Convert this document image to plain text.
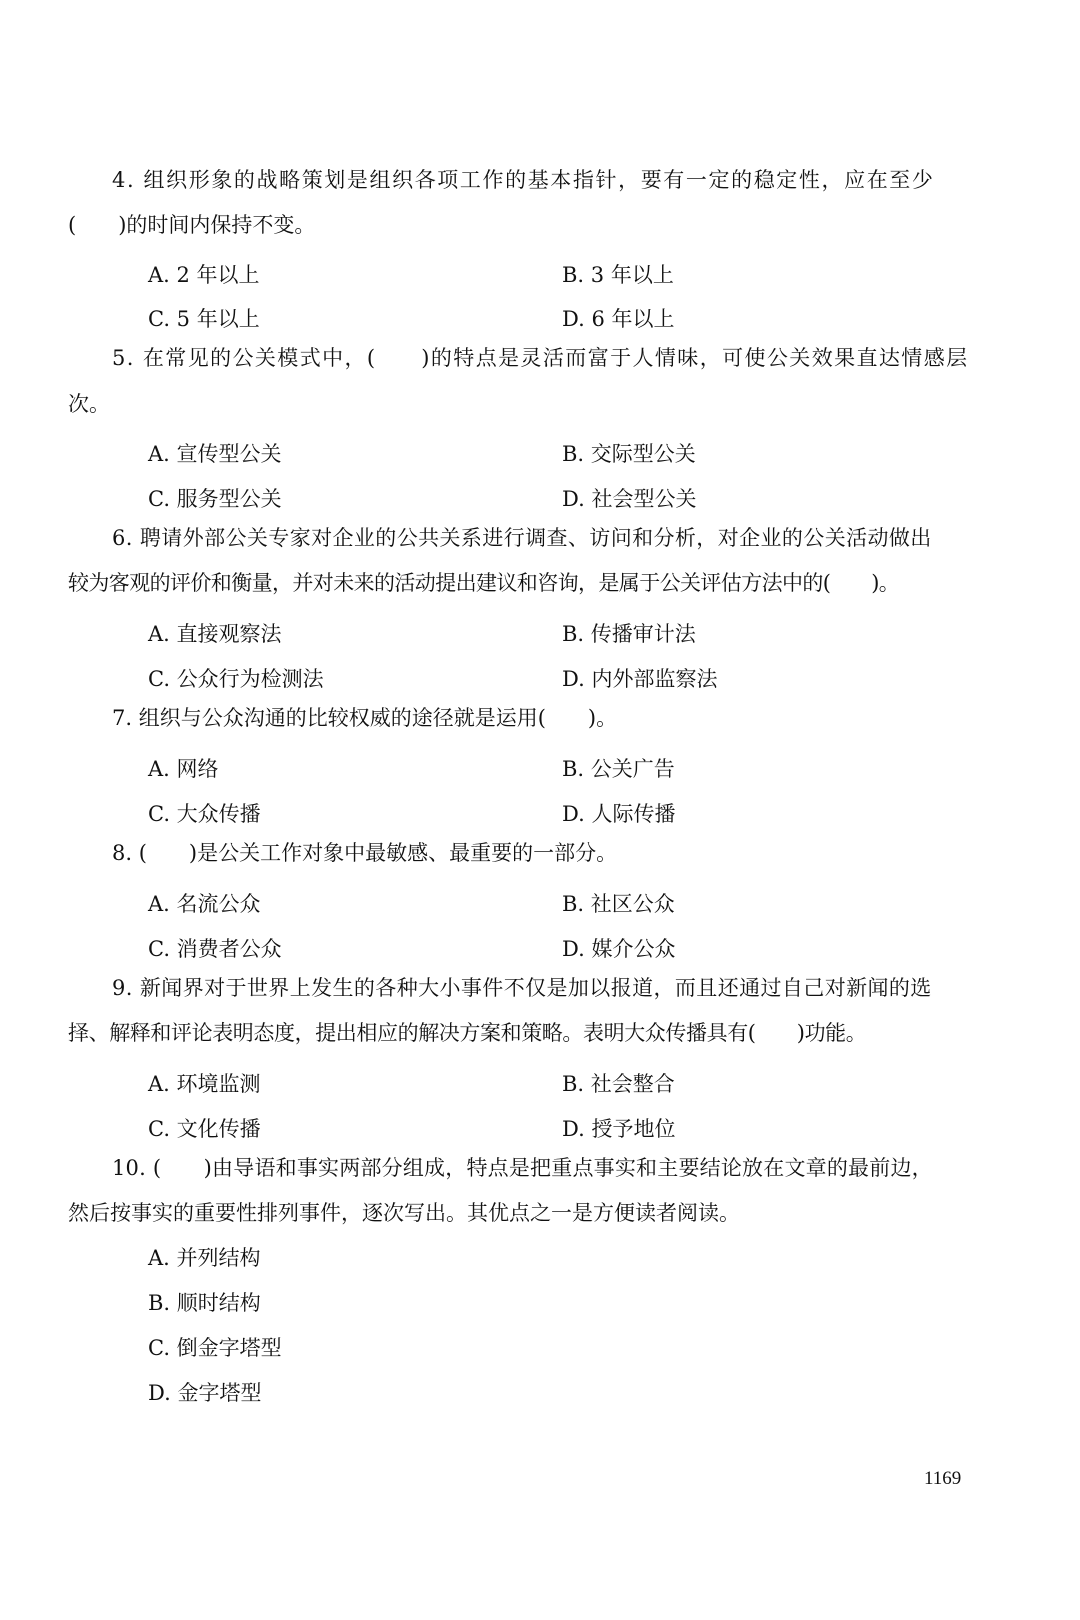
4. 组织形象的战略策划是组织各项工作的基本指针，要有一定的稳定性，应在至少
(　　)的时间内保持不变。
A. 2 年以上	B. 3 年以上
C. 5 年以上	D. 6 年以上
5. 在常见的公关模式中，(　　)的特点是灵活而富于人情味，可使公关效果直达情感层
次。
A. 宣传型公关	B. 交际型公关
C. 服务型公关	D. 社会型公关
6. 聘请外部公关专家对企业的公共关系进行调查、访问和分析，对企业的公关活动做出
较为客观的评价和衡量，并对未来的活动提出建议和咨询，是属于公关评估方法中的(　　)。
A. 直接观察法	B. 传播审计法
C. 公众行为检测法	D. 内外部监察法
7. 组织与公众沟通的比较权威的途径就是运用(　　)。
A. 网络	B. 公关广告
C. 大众传播	D. 人际传播
8. (　　)是公关工作对象中最敏感、最重要的一部分。
A. 名流公众	B. 社区公众
C. 消费者公众	D. 媒介公众
9. 新闻界对于世界上发生的各种大小事件不仅是加以报道，而且还通过自己对新闻的选
择、解释和评论表明态度，提出相应的解决方案和策略。表明大众传播具有(　　)功能。
A. 环境监测	B. 社会整合
C. 文化传播	D. 授予地位
10. (　　)由导语和事实两部分组成，特点是把重点事实和主要结论放在文章的最前边，
然后按事实的重要性排列事件，逐次写出。其优点之一是方便读者阅读。
A. 并列结构
B. 顺时结构
C. 倒金字塔型
D. 金字塔型
1169
